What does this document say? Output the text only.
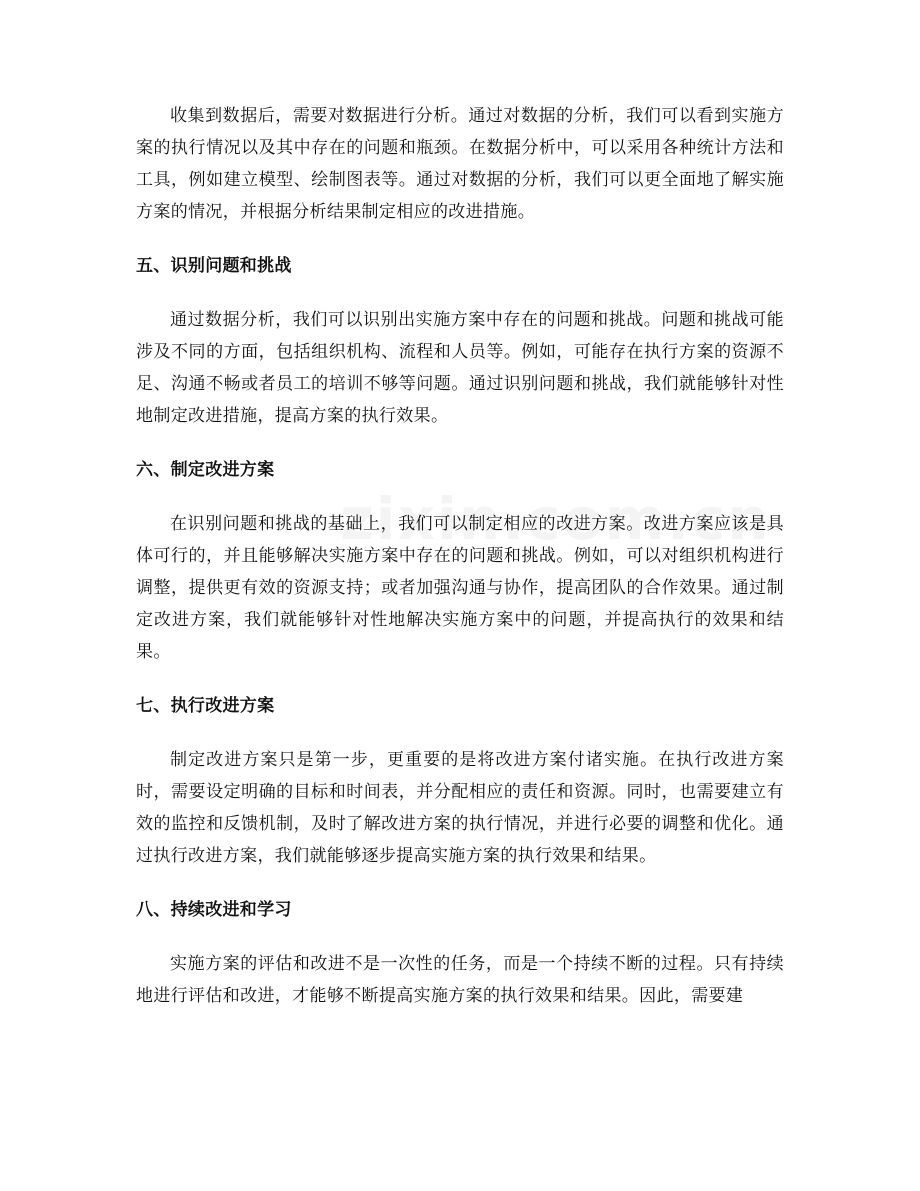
收集到数据后，需要对数据进行分析。通过对数据的分析，我们可以看到实施方案的执行情况以及其中存在的问题和瓶颈。在数据分析中，可以采用各种统计方法和工具，例如建立模型、绘制图表等。通过对数据的分析，我们可以更全面地了解实施方案的情况，并根据分析结果制定相应的改进措施。

五、识别问题和挑战

通过数据分析，我们可以识别出实施方案中存在的问题和挑战。问题和挑战可能涉及不同的方面，包括组织机构、流程和人员等。例如，可能存在执行方案的资源不足、沟通不畅或者员工的培训不够等问题。通过识别问题和挑战，我们就能够针对性地制定改进措施，提高方案的执行效果。

六、制定改进方案

在识别问题和挑战的基础上，我们可以制定相应的改进方案。改进方案应该是具体可行的，并且能够解决实施方案中存在的问题和挑战。例如，可以对组织机构进行调整，提供更有效的资源支持；或者加强沟通与协作，提高团队的合作效果。通过制定改进方案，我们就能够针对性地解决实施方案中的问题，并提高执行的效果和结果。

七、执行改进方案

制定改进方案只是第一步，更重要的是将改进方案付诸实施。在执行改进方案时，需要设定明确的目标和时间表，并分配相应的责任和资源。同时，也需要建立有效的监控和反馈机制，及时了解改进方案的执行情况，并进行必要的调整和优化。通过执行改进方案，我们就能够逐步提高实施方案的执行效果和结果。

八、持续改进和学习

实施方案的评估和改进不是一次性的任务，而是一个持续不断的过程。只有持续地进行评估和改进，才能够不断提高实施方案的执行效果和结果。因此，需要建
